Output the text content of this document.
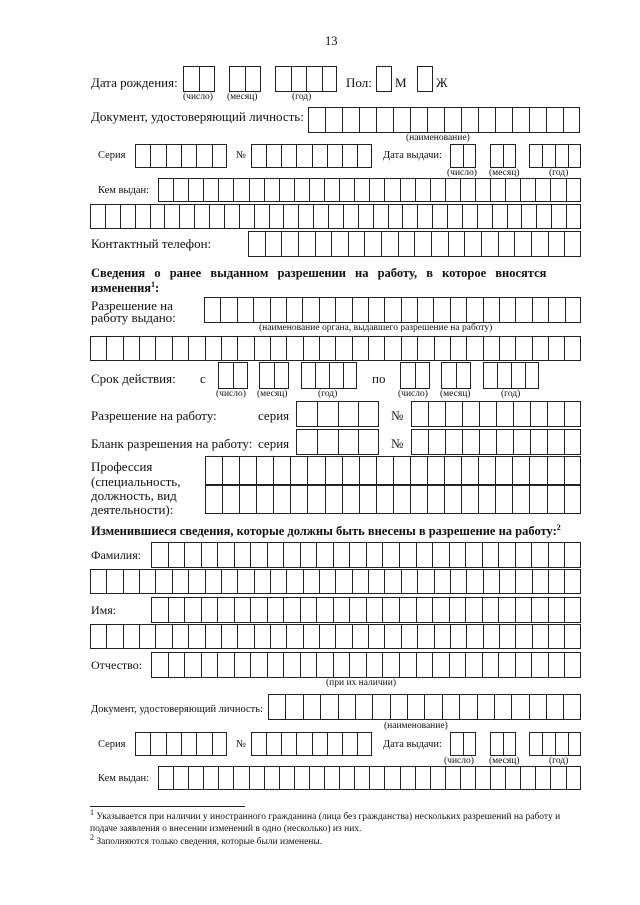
13
Дата рождения:
(число) (месяц)	(год)
Пол: М Ж
Документ, удостоверяющий личность:
(наименование)
Серия	№	Дата выдачи:
(число) (месяц)	(год)
Кем выдан:
Контактный телефон:
Сведения о ранее выданном разрешении на работу, в которое вносятся
изменения$^1$:
Разрешение на
работу выдано:
(наименование органа, выдавшего разрешение на работу)
Срок действия: с
(число) (месяц)	(год)
по
(число) (месяц)	(год)
Разрешение на работу:	серия	№
Бланк разрешения на работу: серия	№
Профессия
(специальность,
должность, вид
деятельности):
Изменившиеся сведения, которые должны быть внесены в разрешение на работу:$^2$
Фамилия:
Имя:
Отчество:
(при их наличии)
Документ, удостоверяющий личность:
(наименование)
Серия	№	Дата выдачи:
(число) (месяц)	(год)
Кем выдан:
$^1$ Указывается при наличии у иностранного гражданина (лица без гражданства) нескольких разрешений на работу и подаче заявления о внесении изменений в одно (несколько) из них.
$^2$ Заполняются только сведения, которые были изменены.
